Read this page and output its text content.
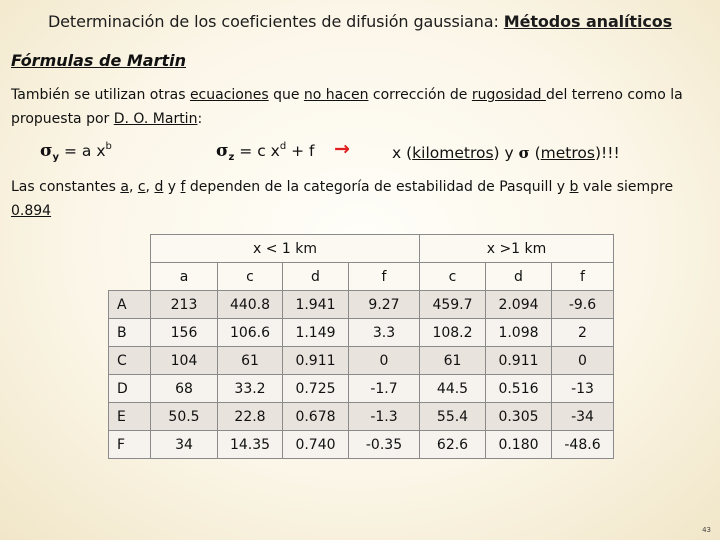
Determinación de los coeficientes de difusión gaussiana: Métodos analíticos
Fórmulas de Martin
También se utilizan otras ecuaciones que no hacen corrección de rugosidad del terreno como la propuesta por D. O. Martin:
$\sigma_y = a$ $x^b$	$\sigma_z = c$ $x^d + f$ →	x (kilometros) y σ (metros)!!!
Las constantes a, c, d y f dependen de la categoría de estabilidad de Pasquill y b vale siempre 0.894
	x < 1 km				x >1 km		
	a	c	d	f	c	d	f
A	213	440.8	1.941	9.27	459.7	2.094	-9.6
B	156	106.6	1.149	3.3	108.2	1.098	2
C	104	61	0.911	0	61	0.911	0
D	68	33.2	0.725	-1.7	44.5	0.516	-13
E	50.5	22.8	0.678	-1.3	55.4	0.305	-34
F	34	14.35	0.740	-0.35	62.6	0.180	-48.6
43
